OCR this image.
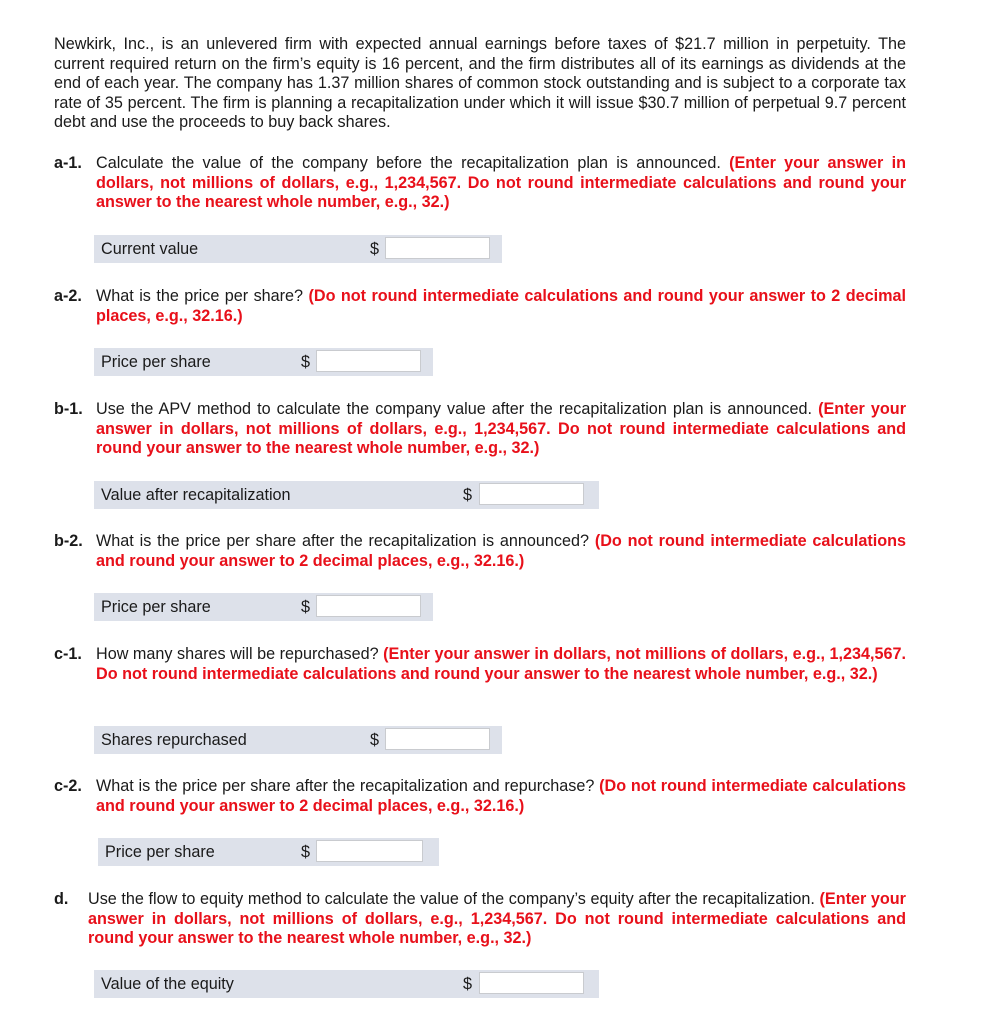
Newkirk, Inc., is an unlevered firm with expected annual earnings before taxes of $21.7 million in perpetuity. The current required return on the firm’s equity is 16 percent, and the firm distributes all of its earnings as dividends at the end of each year. The company has 1.37 million shares of common stock outstanding and is subject to a corporate tax rate of 35 percent. The firm is planning a recapitalization under which it will issue $30.7 million of perpetual 9.7 percent debt and use the proceeds to buy back shares.
a-1. Calculate the value of the company before the recapitalization plan is announced. (Enter your answer in dollars, not millions of dollars, e.g., 1,234,567. Do not round intermediate calculations and round your answer to the nearest whole number, e.g., 32.)
Current value	$
a-2. What is the price per share? (Do not round intermediate calculations and round your answer to 2 decimal places, e.g., 32.16.)
Price per share	$
b-1. Use the APV method to calculate the company value after the recapitalization plan is announced. (Enter your answer in dollars, not millions of dollars, e.g., 1,234,567. Do not round intermediate calculations and round your answer to the nearest whole number, e.g., 32.)
Value after recapitalization	$
b-2. What is the price per share after the recapitalization is announced? (Do not round intermediate calculations and round your answer to 2 decimal places, e.g., 32.16.)
Price per share	$
c-1. How many shares will be repurchased? (Enter your answer in dollars, not millions of dollars, e.g., 1,234,567. Do not round intermediate calculations and round your answer to the nearest whole number, e.g., 32.)
Shares repurchased	$
c-2. What is the price per share after the recapitalization and repurchase? (Do not round intermediate calculations and round your answer to 2 decimal places, e.g., 32.16.)
Price per share	$
d. Use the flow to equity method to calculate the value of the company’s equity after the recapitalization. (Enter your answer in dollars, not millions of dollars, e.g., 1,234,567. Do not round intermediate calculations and round your answer to the nearest whole number, e.g., 32.)
Value of the equity	$
